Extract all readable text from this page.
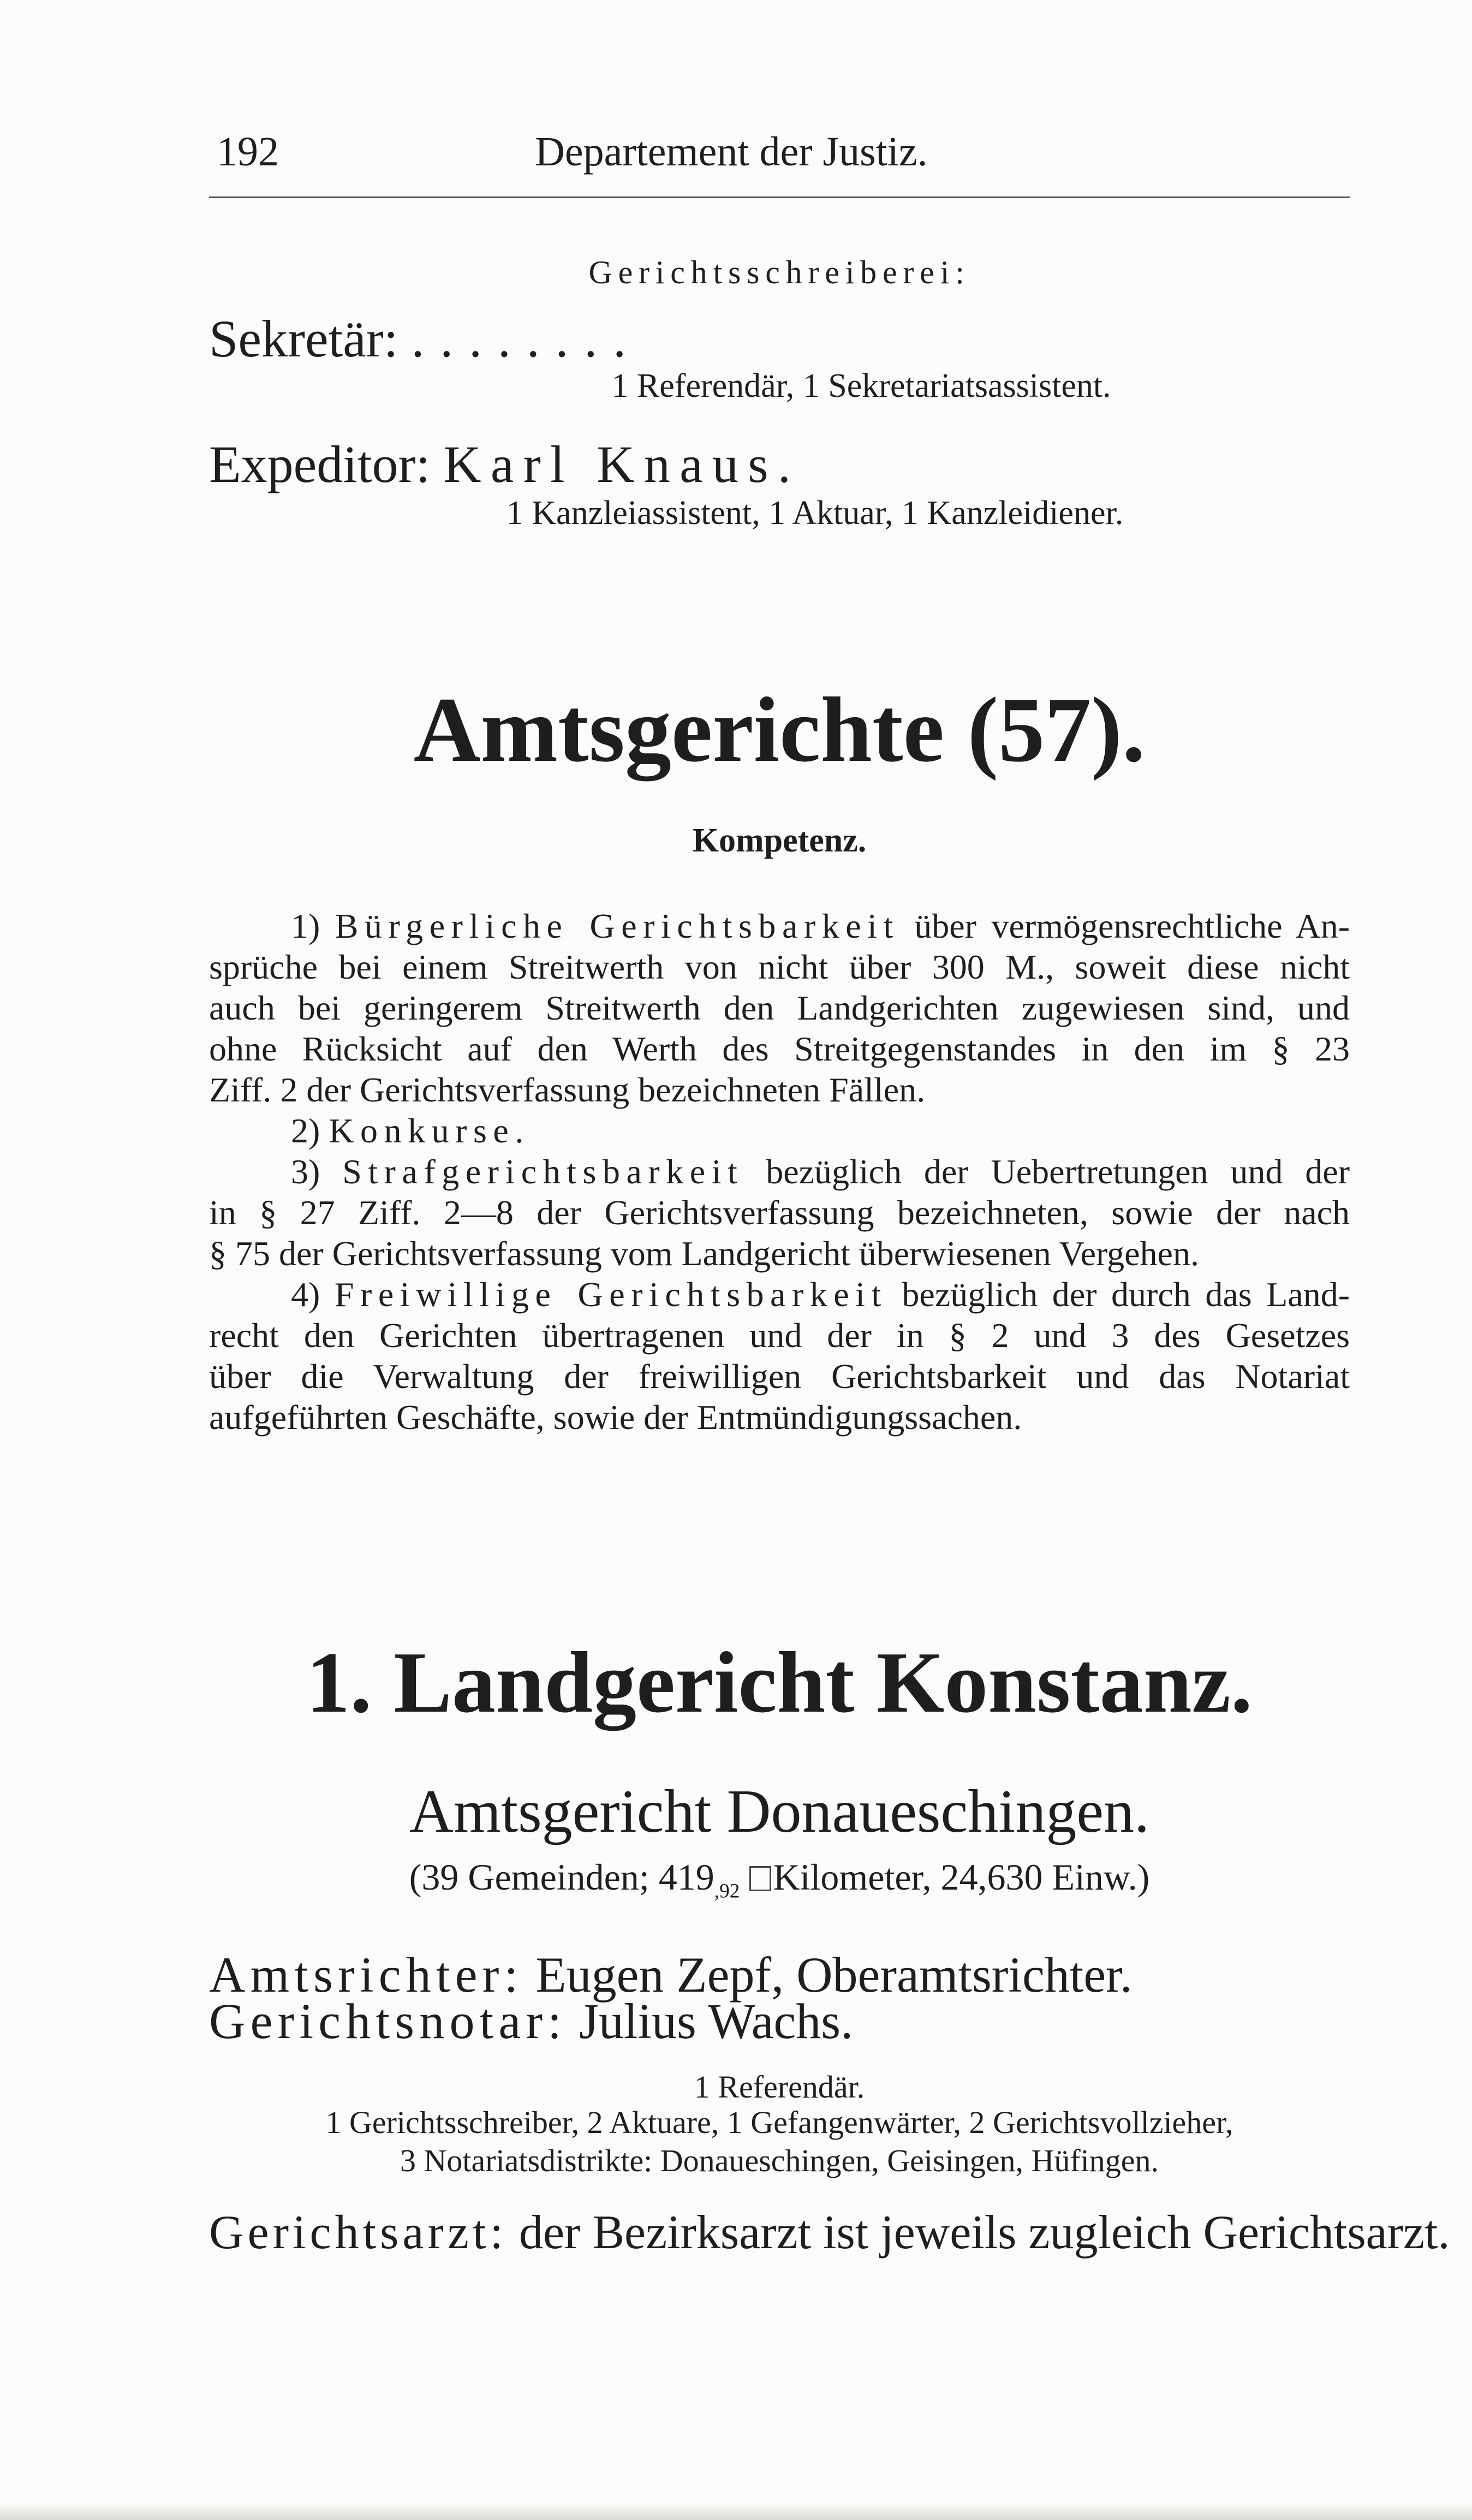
192	Departement der Justiz.
Gerichtsschreiberei:
Sekretär: ........
1 Referendär, 1 Sekretariatsassistent.
Expeditor: Karl Knaus.
1 Kanzleiassistent, 1 Aktuar, 1 Kanzleidiener.
Amtsgerichte (57).
Kompetenz.
1) Bürgerliche Gerichtsbarkeit über vermögensrechtliche An-
sprüche bei einem Streitwerth von nicht über 300 M., soweit diese nicht
auch bei geringerem Streitwerth den Landgerichten zugewiesen sind, und
ohne Rücksicht auf den Werth des Streitgegenstandes in den im § 23
Ziff. 2 der Gerichtsverfassung bezeichneten Fällen.
2) Konkurse.
3) Strafgerichtsbarkeit bezüglich der Uebertretungen und der
in § 27 Ziff. 2—8 der Gerichtsverfassung bezeichneten, sowie der nach
§ 75 der Gerichtsverfassung vom Landgericht überwiesenen Vergehen.
4) Freiwillige Gerichtsbarkeit bezüglich der durch das Land-
recht den Gerichten übertragenen und der in § 2 und 3 des Gesetzes
über die Verwaltung der freiwilligen Gerichtsbarkeit und das Notariat
aufgeführten Geschäfte, sowie der Entmündigungssachen.
1. Landgericht Konstanz.
Amtsgericht Donaueschingen.
(39 Gemeinden; $419_{,92}$ Kilometer, 24,630 Einw.)
Amtsrichter: Eugen Zepf, Oberamtsrichter.
Gerichtsnotar: Julius Wachs.
1 Referendär.
1 Gerichtsschreiber, 2 Aktuare, 1 Gefangenwärter, 2 Gerichtsvollzieher,
3 Notariatsdistrikte: Donaueschingen, Geisingen, Hüfingen.
Gerichtsarzt: der Bezirksarzt ist jeweils zugleich Gerichtsarzt.
